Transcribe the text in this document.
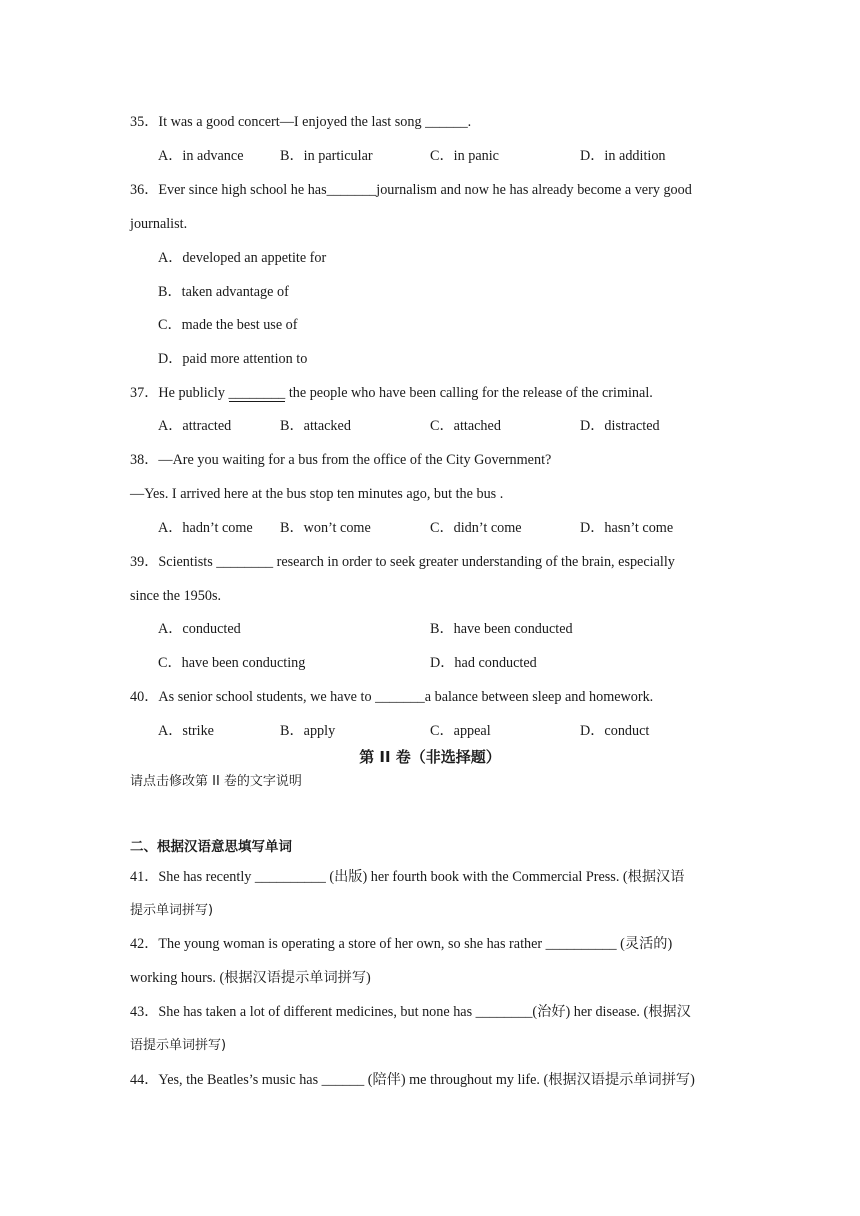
35．It was a good concert—I enjoyed the last song ______.
A．in advance	B．in particular	C．in panic	D．in addition
36．Ever since high school he has_______journalism and now he has already become a very good
journalist.
A．developed an appetite for
B．taken advantage of
C．made the best use of
D．paid more attention to
37．He publicly ________ the people who have been calling for the release of the criminal.
A．attracted	B．attacked	C．attached	D．distracted
38．—Are you waiting for a bus from the office of the City Government?
—Yes. I arrived here at the bus stop ten minutes ago, but the bus .
A．hadn’t come B．won’t come	C．didn’t come	D．hasn’t come
39．Scientists ________ research in order to seek greater understanding of the brain, especially
since the 1950s.
A．conducted	B．have been conducted
C．have been conducting	D．had conducted
40．As senior school students, we have to _______a balance between sleep and homework.
A．strike	B．apply	C．appeal	D．conduct
第 II 卷（非选择题）
请点击修改第 II 卷的文字说明
二、根据汉语意思填写单词
41．She has recently __________ (出版) her fourth book with the Commercial Press. (根据汉语
提示单词拼写)
42．The young woman is operating a store of her own, so she has rather __________ (灵活的)
working hours. (根据汉语提示单词拼写)
43．She has taken a lot of different medicines, but none has ________(治好) her disease. (根据汉
语提示单词拼写)
44．Yes, the Beatles’s music has ______ (陪伴) me throughout my life. (根据汉语提示单词拼写)
